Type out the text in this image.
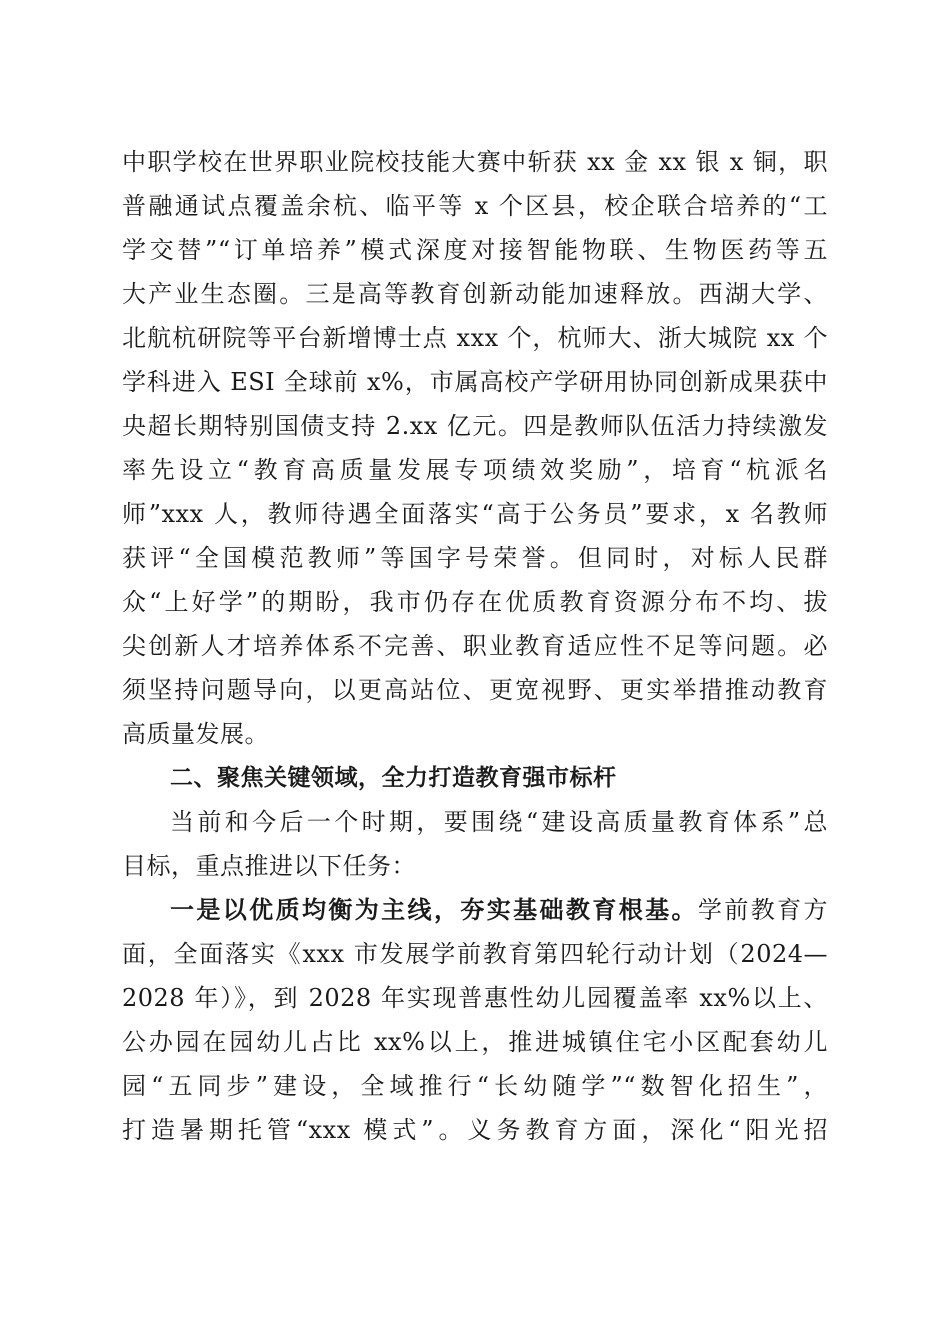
中职学校在世界职业院校技能大赛中斩获 xx 金 xx 银 x 铜，职
普融通试点覆盖余杭、临平等 x 个区县，校企联合培养的“工
学交替”“订单培养”模式深度对接智能物联、生物医药等五
大产业生态圈。三是高等教育创新动能加速释放。西湖大学、
北航杭研院等平台新增博士点 xxx 个，杭师大、浙大城院 xx 个
学科进入 ESI 全球前 x%，市属高校产学研用协同创新成果获中
央超长期特别国债支持 2.xx 亿元。四是教师队伍活力持续激发
率先设立“教育高质量发展专项绩效奖励”，培育“杭派名
师”xxx 人，教师待遇全面落实“高于公务员”要求，x 名教师
获评“全国模范教师”等国字号荣誉。但同时，对标人民群
众“上好学”的期盼，我市仍存在优质教育资源分布不均、拔
尖创新人才培养体系不完善、职业教育适应性不足等问题。必
须坚持问题导向，以更高站位、更宽视野、更实举措推动教育
高质量发展。
二、聚焦关键领域，全力打造教育强市标杆
当前和今后一个时期，要围绕“建设高质量教育体系”总
目标，重点推进以下任务：
一是以优质均衡为主线，夯实基础教育根基。学前教育方
面，全面落实《xxx 市发展学前教育第四轮行动计划（2024—
2028 年）》，到 2028 年实现普惠性幼儿园覆盖率 xx%以上、
公办园在园幼儿占比 xx%以上，推进城镇住宅小区配套幼儿
园“五同步”建设，全域推行“长幼随学”“数智化招生”，
打造暑期托管“xxx 模式”。义务教育方面，深化“阳光招
